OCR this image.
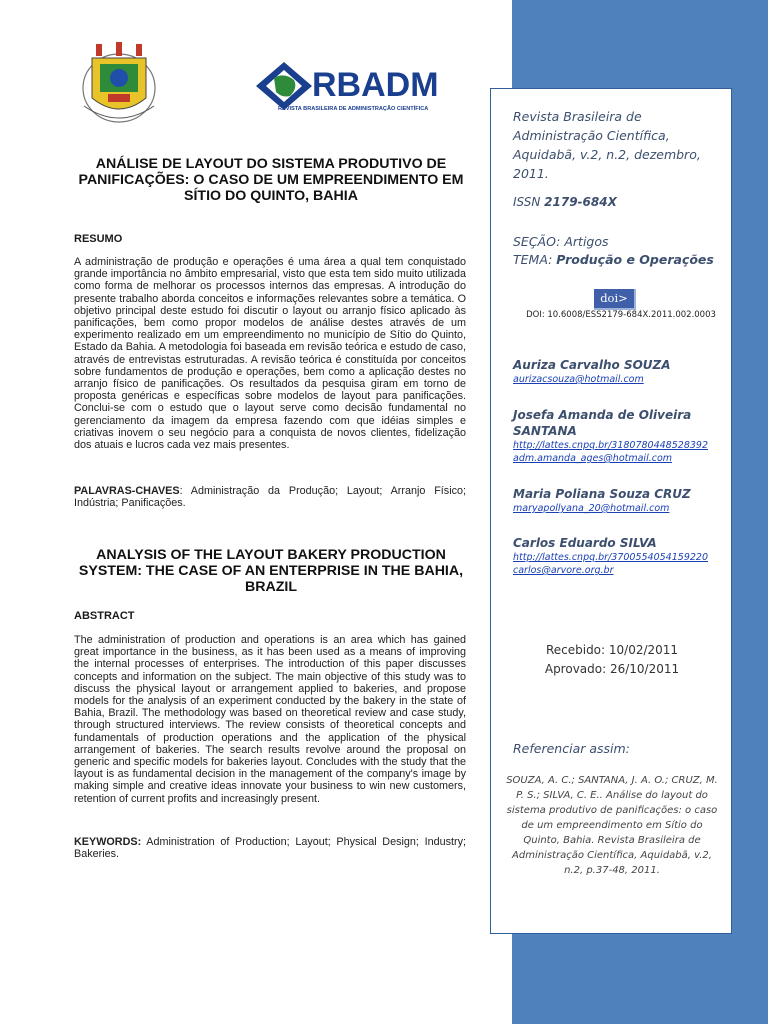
RBADM
REVISTA BRASILEIRA DE ADMINISTRAÇÃO CIENTÍFICA
ANÁLISE DE LAYOUT DO SISTEMA PRODUTIVO DE PANIFICAÇÕES: O CASO DE UM EMPREENDIMENTO EM SÍTIO DO QUINTO, BAHIA
RESUMO
A administração de produção e operações é uma área a qual tem conquistado grande importância no âmbito empresarial, visto que esta tem sido muito utilizada como forma de melhorar os processos internos das empresas. A introdução do presente trabalho aborda conceitos e informações relevantes sobre a temática. O objetivo principal deste estudo foi discutir o layout ou arranjo físico aplicado às panificações, bem como propor modelos de análise destes através de um experimento realizado em um empreendimento no município de Sítio do Quinto, Estado da Bahia. A metodologia foi baseada em revisão teórica e estudo de caso, através de entrevistas estruturadas. A revisão teórica é constituída por conceitos sobre fundamentos de produção e operações, bem como a aplicação destes no arranjo físico de panificações. Os resultados da pesquisa giram em torno de proposta genéricas e específicas sobre modelos de layout para panificações. Conclui-se com o estudo que o layout serve como decisão fundamental no gerenciamento da imagem da empresa fazendo com que idéias simples e criativas inovem o seu negócio para a conquista de novos clientes, fidelização dos atuais e lucros cada vez mais presentes.
PALAVRAS-CHAVES: Administração da Produção; Layout; Arranjo Físico; Indústria; Panificações.
ANALYSIS OF THE LAYOUT BAKERY PRODUCTION SYSTEM: THE CASE OF AN ENTERPRISE IN THE BAHIA, BRAZIL
ABSTRACT
The administration of production and operations is an area which has gained great importance in the business, as it has been used as a means of improving the internal processes of enterprises. The introduction of this paper discusses concepts and information on the subject. The main objective of this study was to discuss the physical layout or arrangement applied to bakeries, and propose models for the analysis of an experiment conducted by the bakery in the state of Bahia, Brazil. The methodology was based on theoretical review and case study, through structured interviews. The review consists of theoretical concepts and fundamentals of production operations and the application of the physical arrangement of bakeries. The search results revolve around the proposal on generic and specific models for bakeries layout. Concludes with the study that the layout is as fundamental decision in the management of the company's image by making simple and creative ideas innovate your business to win new customers, retention of current profits and increasingly present.
KEYWORDS: Administration of Production; Layout; Physical Design; Industry; Bakeries.
Revista Brasileira de Administração Científica, Aquidabã, v.2, n.2, dezembro, 2011.
ISSN 2179-684X
SEÇÃO: Artigos
TEMA: Produção e Operações
doi>
DOI: 10.6008/ESS2179-684X.2011.002.0003
Auriza Carvalho SOUZA
aurizacsouza@hotmail.com
Josefa Amanda de Oliveira SANTANA
http://lattes.cnpq.br/3180780448528392
adm.amanda_ages@hotmail.com
Maria Poliana Souza CRUZ
maryapollyana_20@hotmail.com
Carlos Eduardo SILVA
http://lattes.cnpq.br/3700554054159220
carlos@arvore.org.br
Recebido: 10/02/2011
Aprovado: 26/10/2011
Referenciar assim:
SOUZA, A. C.; SANTANA, J. A. O.; CRUZ, M. P. S.; SILVA, C. E.. Análise do layout do sistema produtivo de panificações: o caso de um empreendimento em Sítio do Quinto, Bahia. Revista Brasileira de Administração Científica, Aquidabã, v.2, n.2, p.37-48, 2011.
